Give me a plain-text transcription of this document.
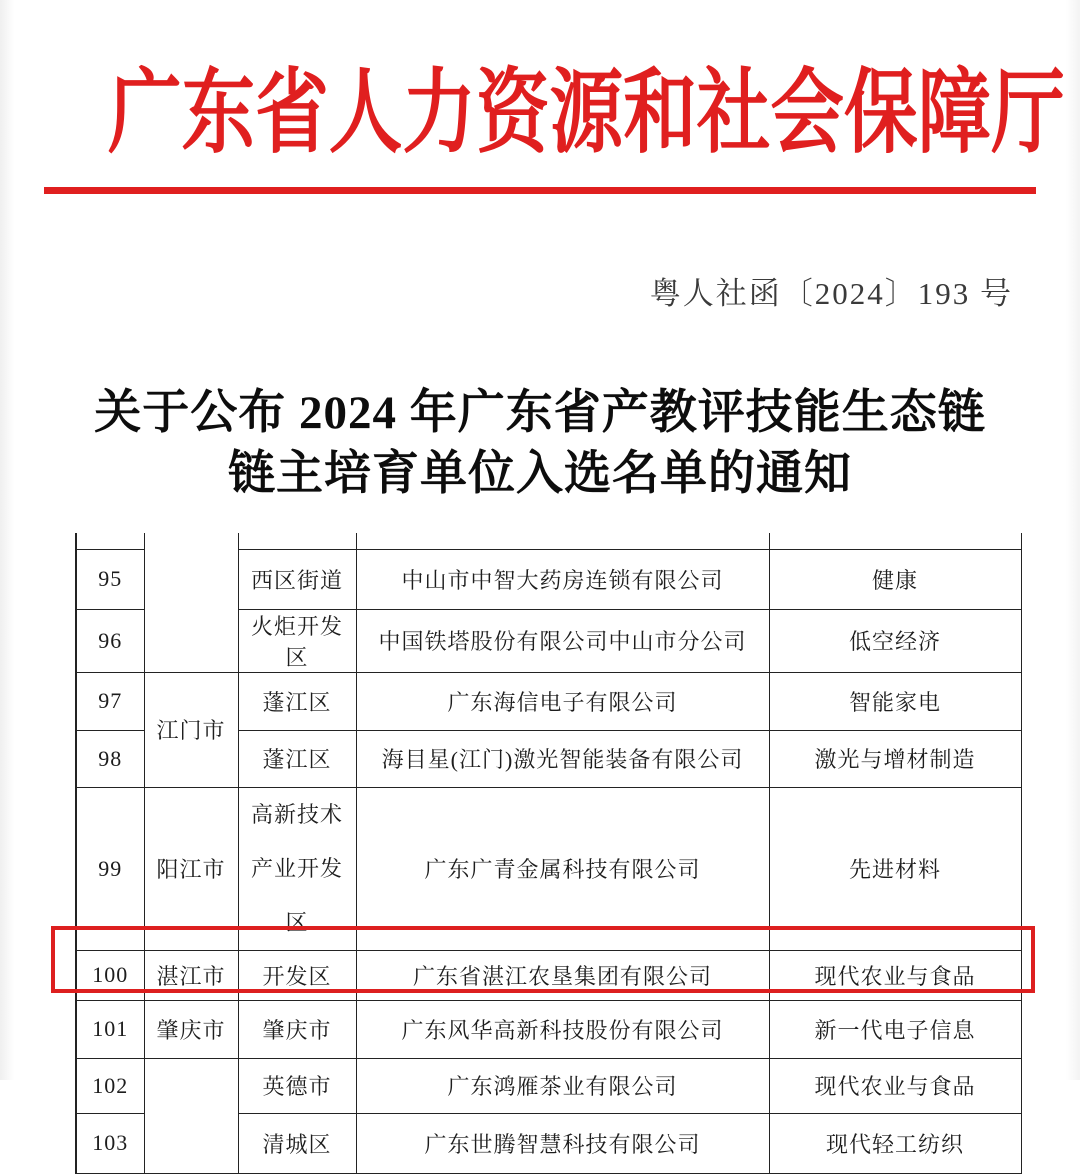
广东省人力资源和社会保障厅
粤人社函〔2024〕193 号
关于公布 2024 年广东省产教评技能生态链
链主培育单位入选名单的通知

95		西区街道	中山市中智大药房连锁有限公司	健康
96		火炬开发区	中国铁塔股份有限公司中山市分公司	低空经济
97	江门市	蓬江区	广东海信电子有限公司	智能家电
98		蓬江区	海目星(江门)激光智能装备有限公司	激光与增材制造
99	阳江市	高新技术产业开发区	广东广青金属科技有限公司	先进材料
100	湛江市	开发区	广东省湛江农垦集团有限公司	现代农业与食品
101	肇庆市	肇庆市	广东风华高新科技股份有限公司	新一代电子信息
102		英德市	广东鸿雁茶业有限公司	现代农业与食品
103		清城区	广东世腾智慧科技有限公司	现代轻工纺织
